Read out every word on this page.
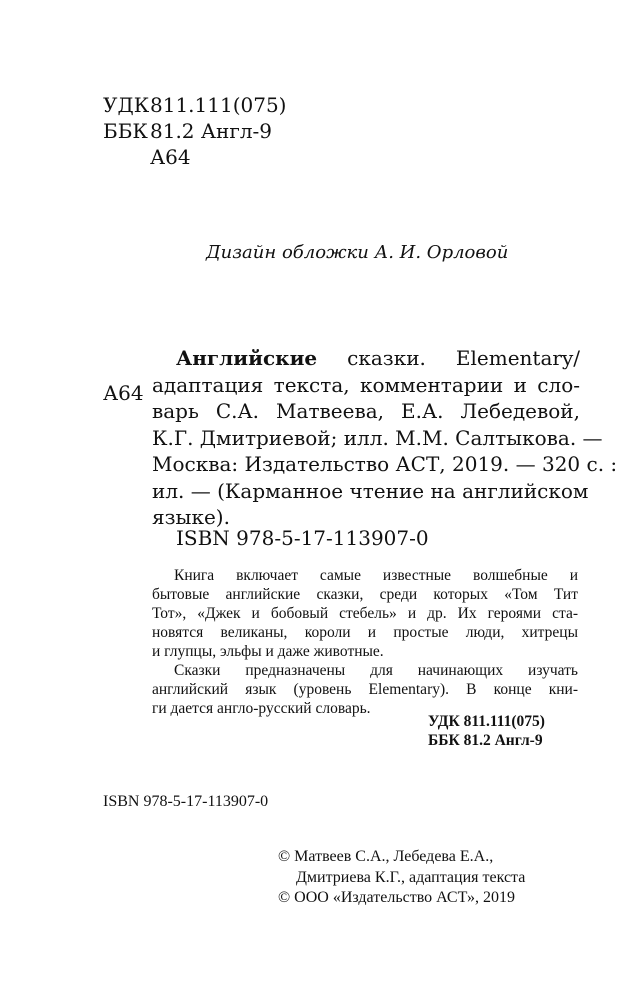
УДК 811.111(075)
ББК 81.2 Англ-9
А64
Дизайн обложки А. И. Орловой
А64
Английские сказки. Elementary/
адаптация текста, комментарии и сло-
варь С.А. Матвеева, Е.А. Лебедевой,
К.Г. Дмитриевой; илл. М.М. Салтыкова. —
Москва: Издательство АСТ, 2019. — 320 с. :
ил. — (Карманное чтение на английском
языке).
ISBN 978-5-17-113907-0
Книга включает самые известные волшебные и
бытовые английские сказки, среди которых «Том Тит
Тот», «Джек и бобовый стебель» и др. Их героями ста-
новятся великаны, короли и простые люди, хитрецы
и глупцы, эльфы и даже животные.
Сказки предназначены для начинающих изучать
английский язык (уровень Elementary). В конце кни-
ги дается англо-русский словарь.
УДК 811.111(075)
ББК 81.2 Англ-9
ISBN 978-5-17-113907-0
© Матвеев С.А., Лебедева Е.А.,
Дмитриева К.Г., адаптация текста
© ООО «Издательство АСТ», 2019
